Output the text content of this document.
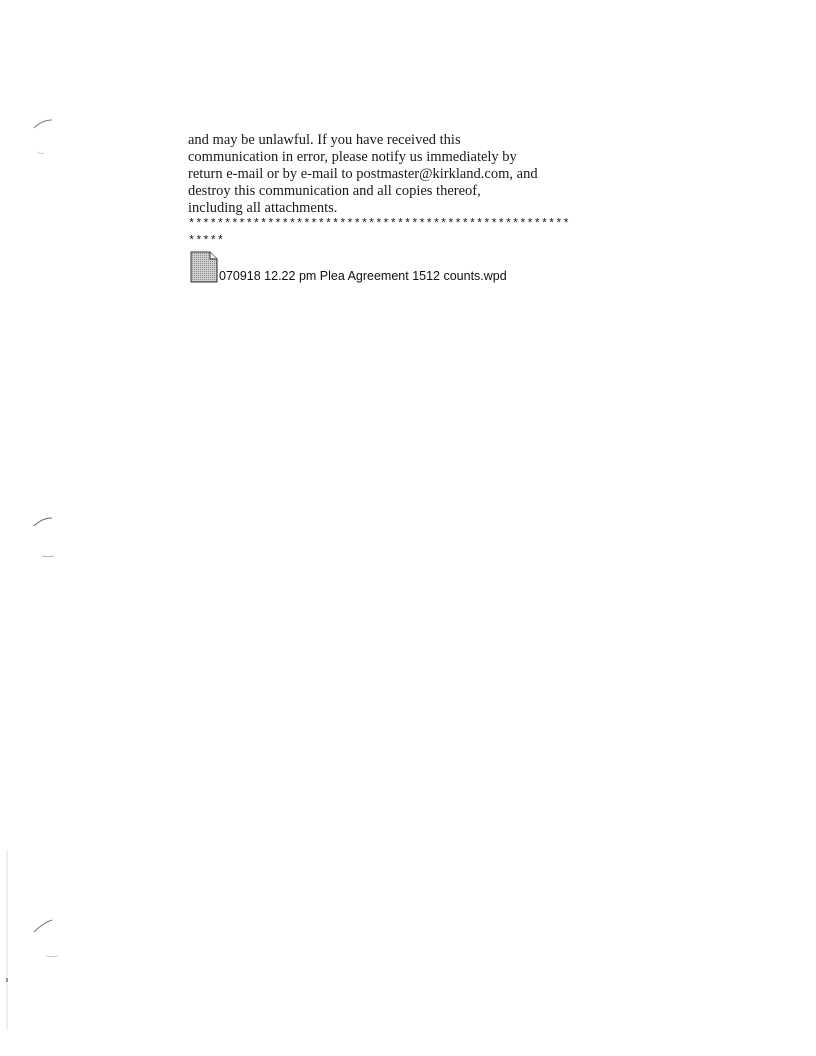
and may be unlawful. If you have received this

communication in error, please notify us immediately by

return e-mail or by e-mail to postmaster@kirkland.com, and

destroy this communication and all copies thereof,

including all attachments.

*****************************************************

*****

070918 12.22 pm Plea Agreement 1512 counts.wpd
